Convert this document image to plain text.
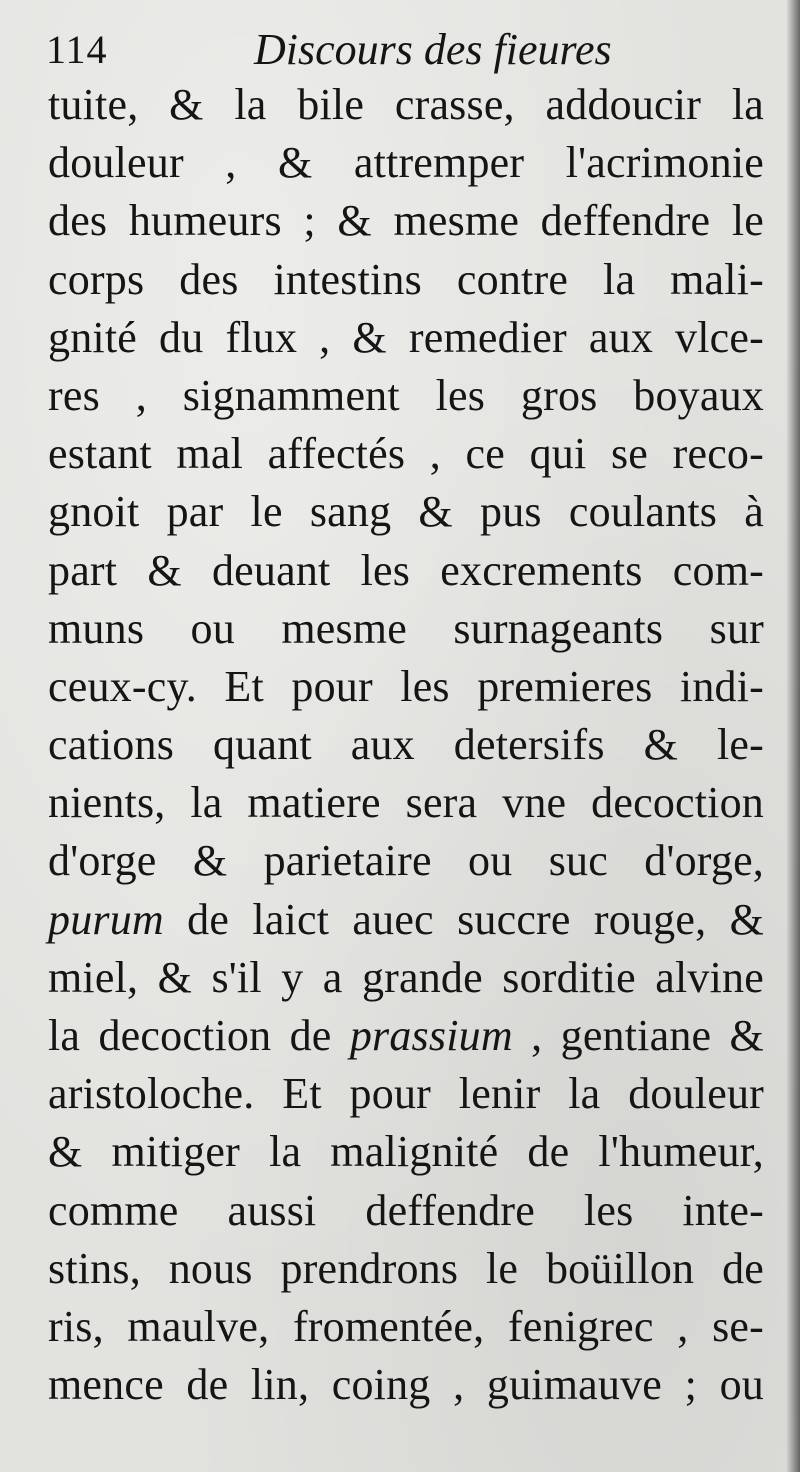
114	Discours des fieures
tuite, & la bile crasse, addoucir la
douleur , & attremper l'acrimonie
des humeurs ; & mesme deffendre le
corps des intestins contre la mali-
gnité du flux , & remedier aux vlce-
res , signamment les gros boyaux
estant mal affectés , ce qui se reco-
gnoit par le sang & pus coulants à
part & deuant les excrements com-
muns ou mesme surnageants sur
ceux-cy. Et pour les premieres indi-
cations quant aux detersifs & le-
nients, la matiere sera vne decoction
d'orge & parietaire ou suc d'orge,
purum de laict auec succre rouge, &
miel, & s'il y a grande sorditie alvine
la decoction de prassium , gentiane &
aristoloche. Et pour lenir la douleur
& mitiger la malignité de l'humeur,
comme aussi deffendre les inte-
stins, nous prendrons le boüillon de
ris, maulve, fromentée, fenigrec , se-
mence de lin, coing , guimauve ; ou
